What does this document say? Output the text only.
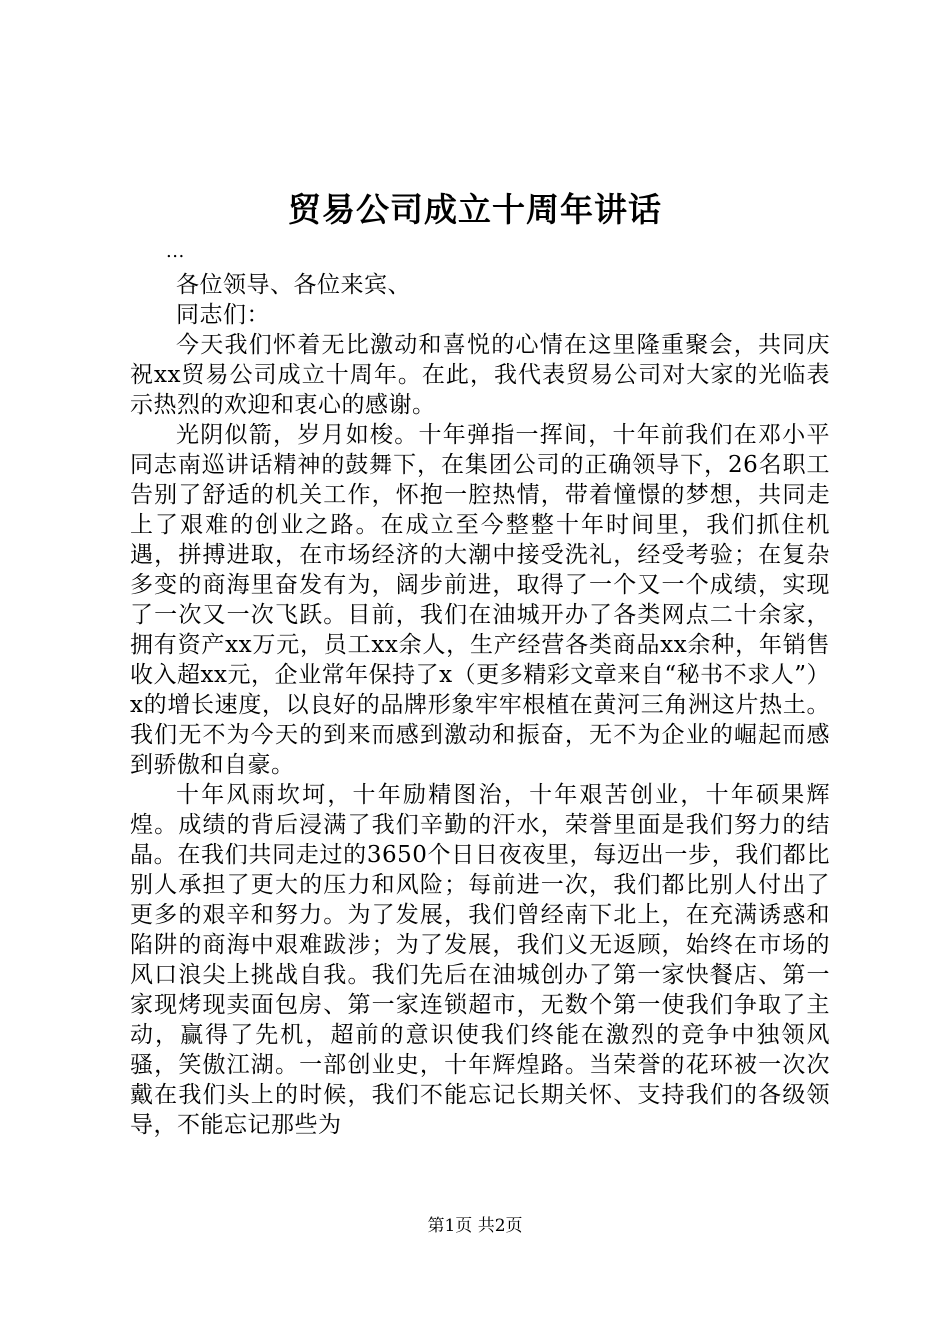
贸易公司成立十周年讲话

...

各位领导、各位来宾、

同志们：

今天我们怀着无比激动和喜悦的心情在这里隆重聚会，共同庆祝xx贸易公司成立十周年。在此，我代表贸易公司对大家的光临表示热烈的欢迎和衷心的感谢。

光阴似箭，岁月如梭。十年弹指一挥间，十年前我们在邓小平同志南巡讲话精神的鼓舞下，在集团公司的正确领导下，26名职工告别了舒适的机关工作，怀抱一腔热情，带着憧憬的梦想，共同走上了艰难的创业之路。在成立至今整整十年时间里，我们抓住机遇，拼搏进取，在市场经济的大潮中接受洗礼，经受考验；在复杂多变的商海里奋发有为，阔步前进，取得了一个又一个成绩，实现了一次又一次飞跃。目前，我们在油城开办了各类网点二十余家，拥有资产xx万元，员工xx余人，生产经营各类商品xx余种，年销售收入超xx元，企业常年保持了x（更多精彩文章来自“秘书不求人”）x的增长速度，以良好的品牌形象牢牢根植在黄河三角洲这片热土。我们无不为今天的到来而感到激动和振奋，无不为企业的崛起而感到骄傲和自豪。

十年风雨坎坷，十年励精图治，十年艰苦创业，十年硕果辉煌。成绩的背后浸满了我们辛勤的汗水，荣誉里面是我们努力的结晶。在我们共同走过的3650个日日夜夜里，每迈出一步，我们都比别人承担了更大的压力和风险；每前进一次，我们都比别人付出了更多的艰辛和努力。为了发展，我们曾经南下北上，在充满诱惑和陷阱的商海中艰难跋涉；为了发展，我们义无返顾，始终在市场的风口浪尖上挑战自我。我们先后在油城创办了第一家快餐店、第一家现烤现卖面包房、第一家连锁超市，无数个第一使我们争取了主动，赢得了先机，超前的意识使我们终能在激烈的竞争中独领风骚，笑傲江湖。一部创业史，十年辉煌路。当荣誉的花环被一次次戴在我们头上的时候，我们不能忘记长期关怀、支持我们的各级领导，不能忘记那些为

第1页 共2页
